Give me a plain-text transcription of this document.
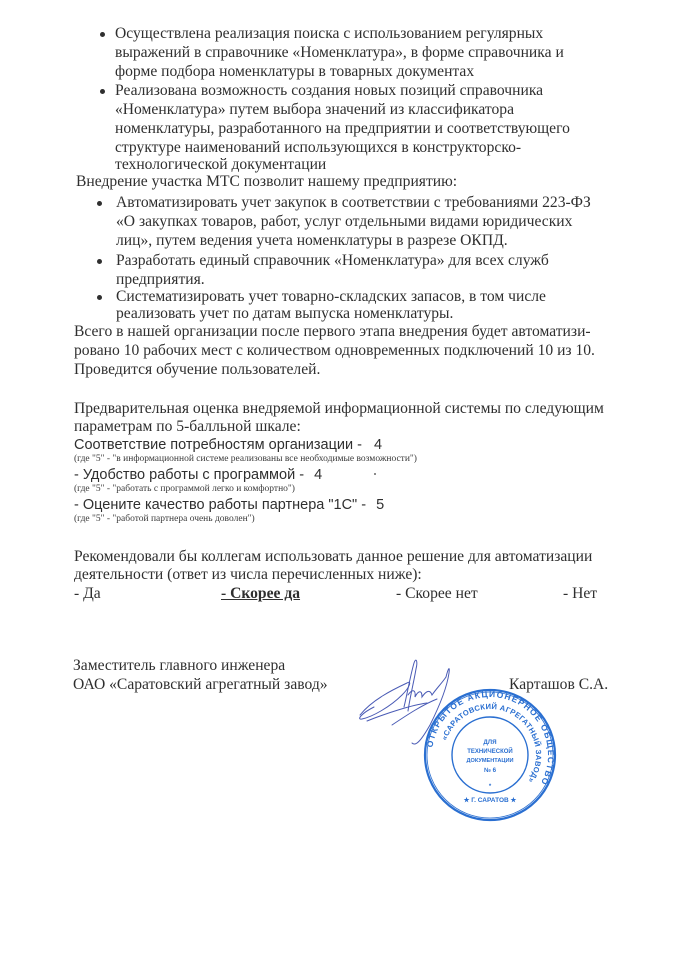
Осуществлена реализация поиска с использованием регулярных
выражений в справочнике «Номенклатура», в форме справочника и
форме подбора номенклатуры в товарных документах
Реализована возможность создания новых позиций справочника
«Номенклатура» путем выбора значений из классификатора
номенклатуры, разработанного на предприятии и соответствующего
структуре наименований использующихся в конструкторско-
технологической документации
Внедрение участка МТС позволит нашему предприятию:
Автоматизировать учет закупок в соответствии с требованиями 223-ФЗ
«О закупках товаров, работ, услуг отдельными видами юридических
лиц», путем ведения учета номенклатуры в разрезе ОКПД.
Разработать единый справочник «Номенклатура» для всех служб
предприятия.
Систематизировать учет товарно-складских запасов, в том числе
реализовать учет по датам выпуска номенклатуры.
Всего в нашей организации после первого этапа внедрения будет автоматизи-
ровано 10 рабочих мест с количеством одновременных подключений 10 из 10.
Проведится обучение пользователей.
Предварительная оценка внедряемой информационной системы по следующим
параметрам по 5-балльной шкале:
Соответствие потребностям организации - 4
(где "5" - "в информационной системе реализованы все необходимые возможности")
- Удобство работы с программой - 4
(где "5" - "работать с программой легко и комфортно")
- Оцените качество работы партнера "1С" - 5
(где "5" - "работой партнера очень доволен")
Рекомендовали бы коллегам использовать данное решение для автоматизации
деятельности (ответ из числа перечисленных ниже):
- Да	- Скорее да	- Скорее нет	- Нет
Заместитель главного инженера
ОАО «Саратовский агрегатный завод»	Карташов С.А.
ОТКРЫТОЕ АКЦИОНЕРНОЕ ОБЩЕСТВО
«САРАТОВСКИЙ АГРЕГАТНЫЙ ЗАВОД»
★ Г. САРАТОВ ★
ДЛЯ
ТЕХНИЧЕСКОЙ
ДОКУМЕНТАЦИИ
№ 6
*
